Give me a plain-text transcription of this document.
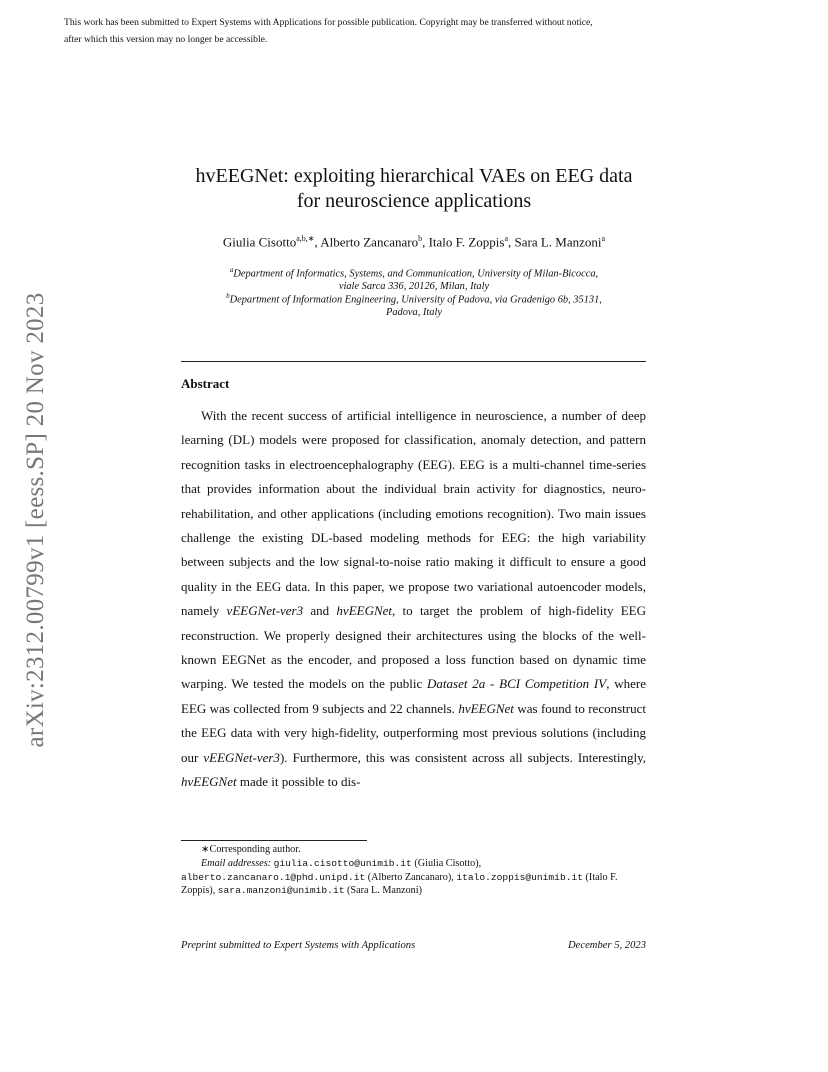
This work has been submitted to Expert Systems with Applications for possible publication. Copyright may be transferred without notice,
after which this version may no longer be accessible.
arXiv:2312.00799v1 [eess.SP] 20 Nov 2023
hvEEGNet: exploiting hierarchical VAEs on EEG data
for neuroscience applications
Giulia Cisotto$^{a,b,∗}$, Alberto Zancanaro$^b$, Italo F. Zoppis$^a$, Sara L. Manzoni$^a$
$^a$Department of Informatics, Systems, and Communication, University of Milan-Bicocca,
viale Sarca 336, 20126, Milan, Italy
$^b$Department of Information Engineering, University of Padova, via Gradenigo 6b, 35131,
Padova, Italy
Abstract
With the recent success of artificial intelligence in neuroscience, a number of deep learning (DL) models were proposed for classification, anomaly detection, and pattern recognition tasks in electroencephalography (EEG). EEG is a multi-channel time-series that provides information about the individual brain activity for diagnostics, neuro-rehabilitation, and other applications (including emotions recognition). Two main issues challenge the existing DL-based modeling methods for EEG: the high variability between subjects and the low signal-to-noise ratio making it difficult to ensure a good quality in the EEG data. In this paper, we propose two variational autoencoder models, namely vEEGNet-ver3 and hvEEGNet, to target the problem of high-fidelity EEG reconstruction. We properly designed their architectures using the blocks of the well-known EEGNet as the encoder, and proposed a loss function based on dynamic time warping. We tested the models on the public Dataset 2a - BCI Competition IV, where EEG was collected from 9 subjects and 22 channels. hvEEGNet was found to reconstruct the EEG data with very high-fidelity, outperforming most previous solutions (including our vEEGNet-ver3). Furthermore, this was consistent across all subjects. Interestingly, hvEEGNet made it possible to dis-
∗Corresponding author.
Email addresses: giulia.cisotto@unimib.it (Giulia Cisotto), alberto.zancanaro.1@phd.unipd.it (Alberto Zancanaro), italo.zoppis@unimib.it (Italo F. Zoppis), sara.manzoni@unimib.it (Sara L. Manzoni)
Preprint submitted to Expert Systems with Applications	December 5, 2023
